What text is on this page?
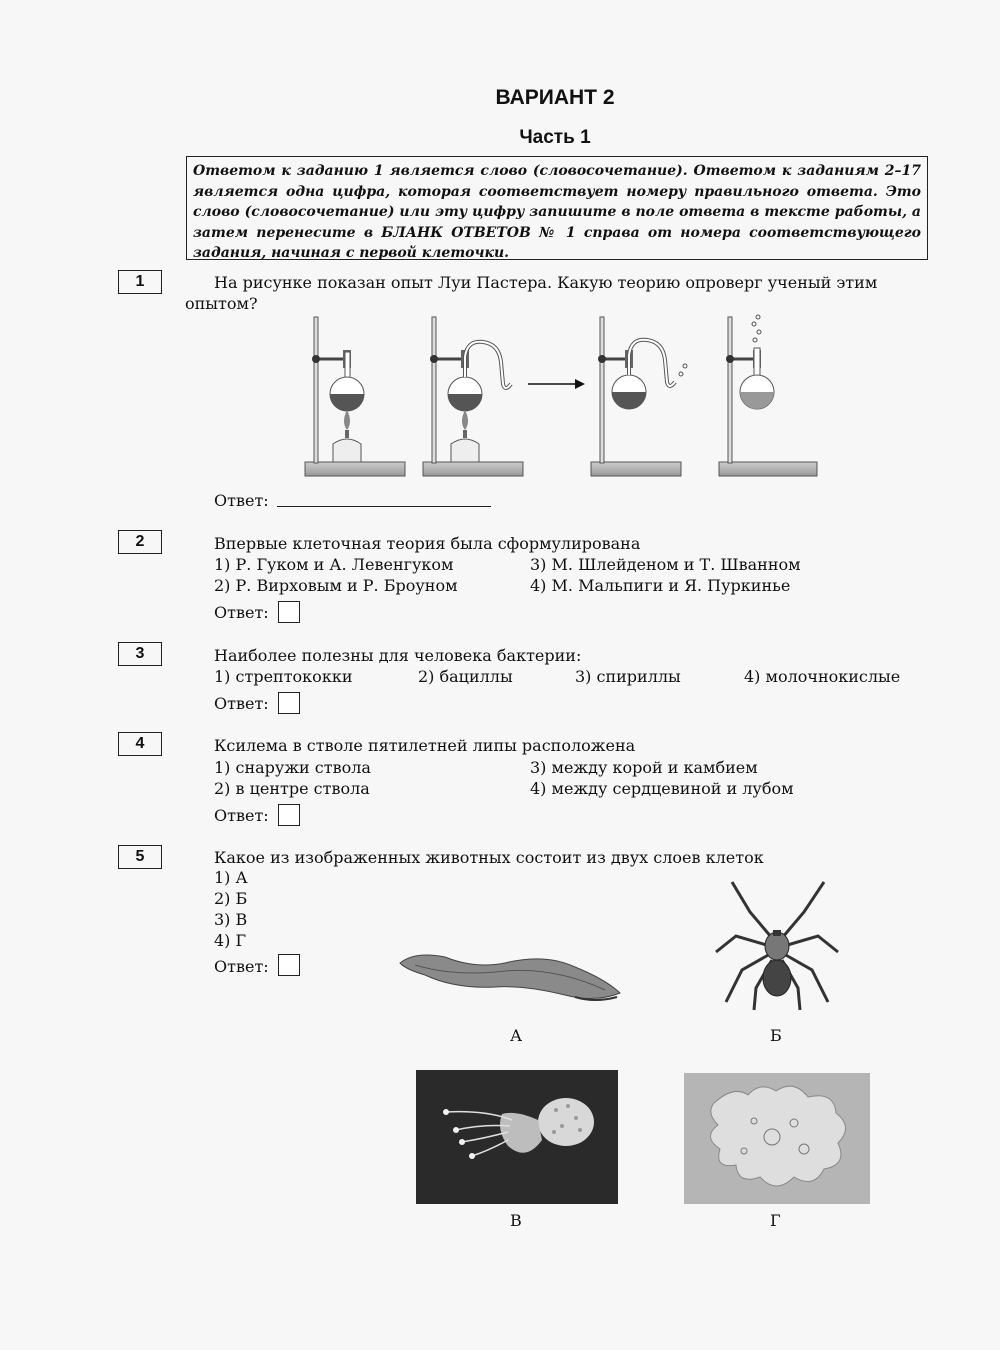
ВАРИАНТ 2
Часть 1
Ответом к заданию 1 является слово (словосочетание). Ответом к заданиям 2–17 является одна цифра, которая соответствует номеру правильного ответа. Это слово (словосочетание) или эту цифру запишите в поле ответа в тексте работы, а затем перенесите в БЛАНК ОТВЕТОВ № 1 справа от номера соответствующего задания, начиная с первой клеточки.
1	На рисунке показан опыт Луи Пастера. Какую теорию опроверг ученый этим
опытом?
Ответ:
2	Впервые клеточная теория была сформулирована
1) Р. Гуком и А. Левенгуком
2) Р. Вирховым и Р. Броуном
3) М. Шлейденом и Т. Шванном
4) М. Мальпиги и Я. Пуркинье
Ответ:
3	Наиболее полезны для человека бактерии:
1) стрептококки	2) бациллы	3) спириллы	4) молочнокислые
Ответ:
4	Ксилема в стволе пятилетней липы расположена
1) снаружи ствола
2) в центре ствола
3) между корой и камбием
4) между сердцевиной и лубом
Ответ:
5	Какое из изображенных животных состоит из двух слоев клеток
1) А
2) Б
3) В
4) Г
Ответ:
А	Б
В	Г
